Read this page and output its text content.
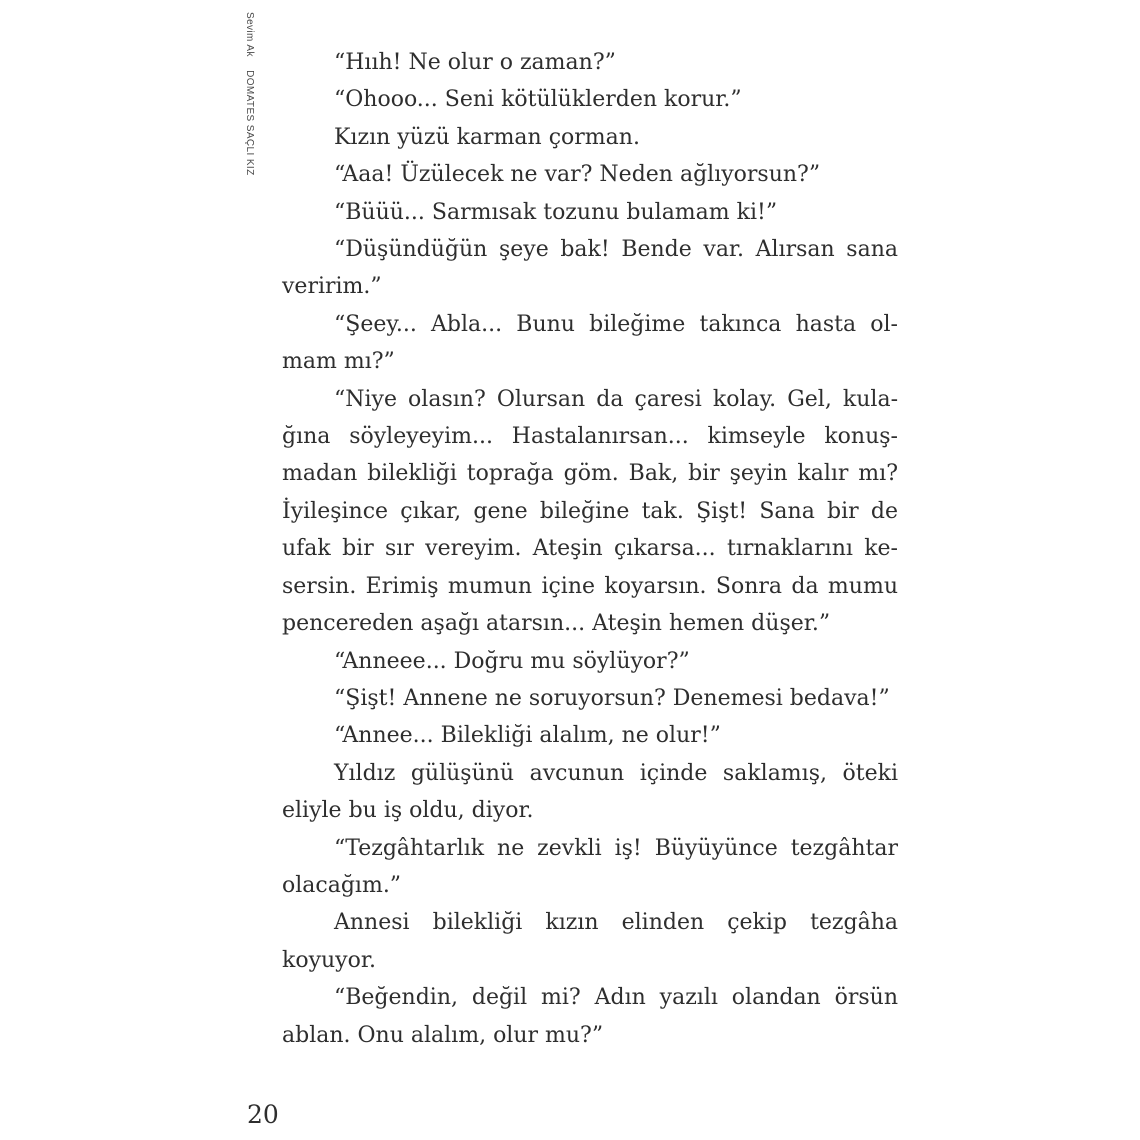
Sevim Ak DOMATES SAÇLI KIZ
“Hııh! Ne olur o zaman?”
“Ohooo... Seni kötülüklerden korur.”
Kızın yüzü karman çorman.
“Aaa! Üzülecek ne var? Neden ağlıyorsun?”
“Büüü... Sarmısak tozunu bulamam ki!”
“Düşündüğün şeye bak! Bende var. Alırsan sana
veririm.”
“Şeey... Abla... Bunu bileğime takınca hasta ol-
mam mı?”
“Niye olasın? Olursan da çaresi kolay. Gel, kula-
ğına söyleyeyim... Hastalanırsan... kimseyle konuş-
madan bilekliği toprağa göm. Bak, bir şeyin kalır mı?
İyileşince çıkar, gene bileğine tak. Şişt! Sana bir de
ufak bir sır vereyim. Ateşin çıkarsa... tırnaklarını ke-
sersin. Erimiş mumun içine koyarsın. Sonra da mumu
pencereden aşağı atarsın... Ateşin hemen düşer.”
“Anneee... Doğru mu söylüyor?”
“Şişt! Annene ne soruyorsun? Denemesi bedava!”
“Annee... Bilekliği alalım, ne olur!”
Yıldız gülüşünü avcunun içinde saklamış, öteki
eliyle bu iş oldu, diyor.
“Tezgâhtarlık ne zevkli iş! Büyüyünce tezgâhtar
olacağım.”
Annesi bilekliği kızın elinden çekip tezgâha
koyuyor.
“Beğendin, değil mi? Adın yazılı olandan örsün
ablan. Onu alalım, olur mu?”
20
